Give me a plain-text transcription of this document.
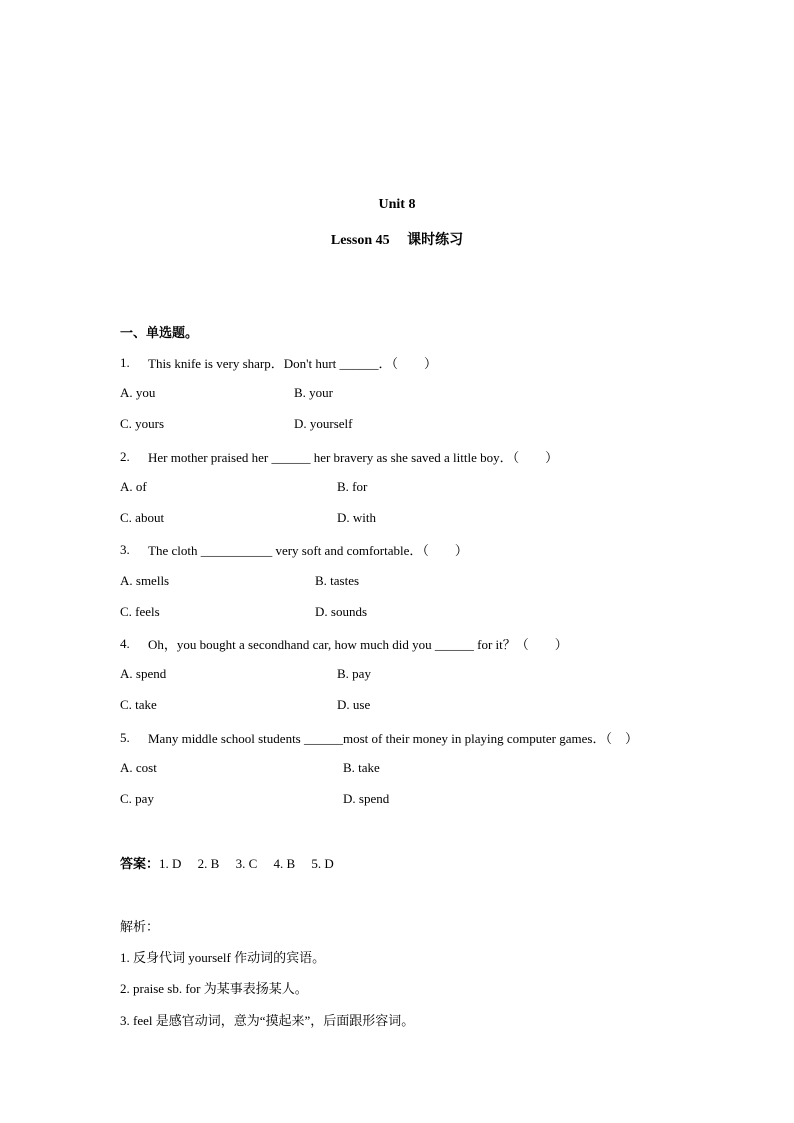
Unit 8
Lesson 45　 课时练习
一、单选题。
1. This knife is very sharp．Don't hurt ______．（　　）
A. you	B. your
C. yours	D. yourself
2. Her mother praised her ______ her bravery as she saved a little boy．（　　）
A. of	B. for
C. about	D. with
3. The cloth ___________ very soft and comfortable．（　　）
A. smells	B. tastes
C. feels	D. sounds
4. Oh，you bought a secondhand car, how much did you ______ for it？（　　）
A. spend	B. pay
C. take	D. use
5. Many middle school students ______most of their money in playing computer games．（　）
A. cost	B. take
C. pay	D. spend
答案：1. D　 2. B　 3. C　 4. B　 5. D
解析：
1. 反身代词 yourself 作动词的宾语。
2. praise sb. for 为某事表扬某人。
3. feel 是感官动词，意为“摸起来”，后面跟形容词。
